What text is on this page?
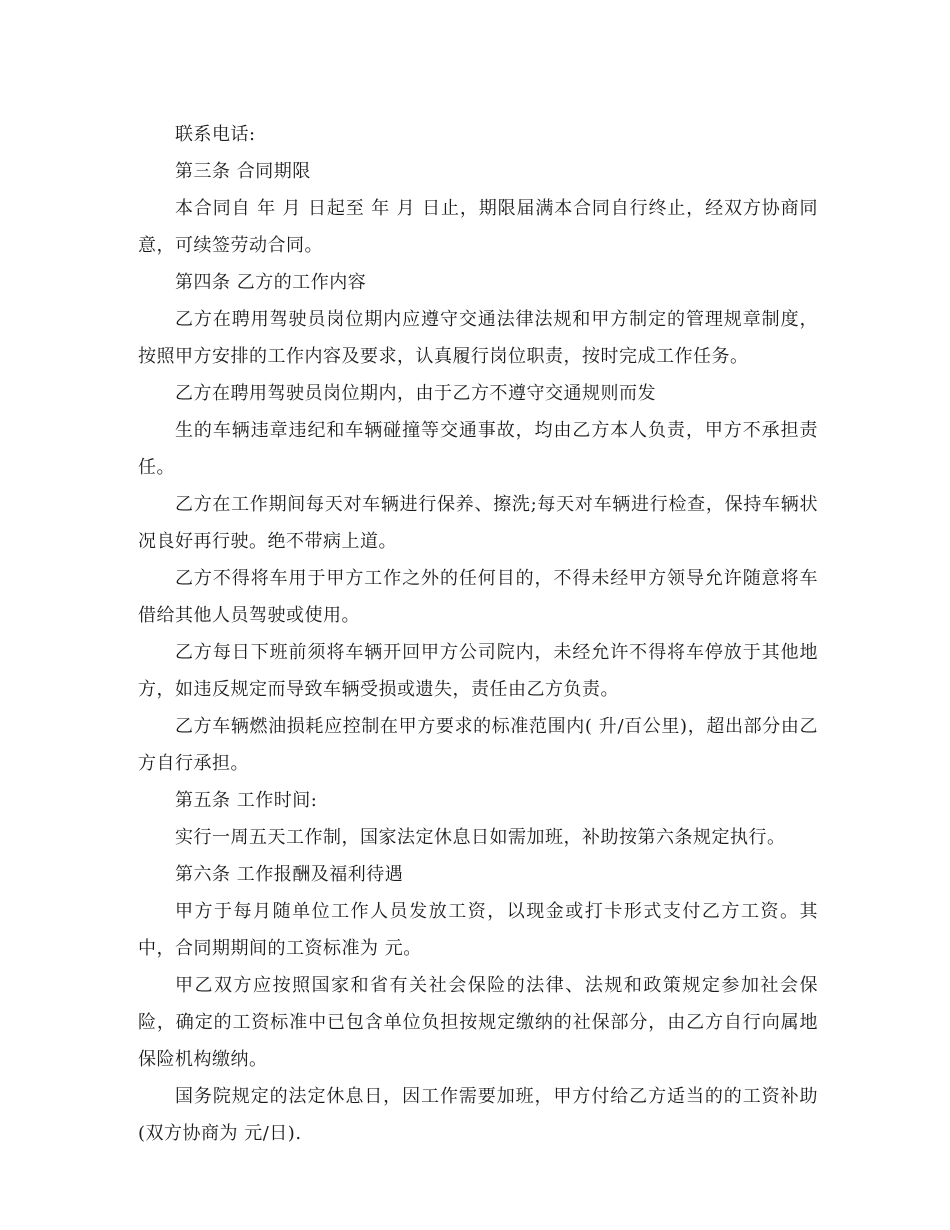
联系电话:

第三条 合同期限

本合同自 年 月 日起至 年 月 日止，期限届满本合同自行终止，经双方协商同意，可续签劳动合同。

第四条 乙方的工作内容

乙方在聘用驾驶员岗位期内应遵守交通法律法规和甲方制定的管理规章制度，按照甲方安排的工作内容及要求，认真履行岗位职责，按时完成工作任务。

乙方在聘用驾驶员岗位期内，由于乙方不遵守交通规则而发

生的车辆违章违纪和车辆碰撞等交通事故，均由乙方本人负责，甲方不承担责任。

乙方在工作期间每天对车辆进行保养、擦洗;每天对车辆进行检查，保持车辆状况良好再行驶。绝不带病上道。

乙方不得将车用于甲方工作之外的任何目的，不得未经甲方领导允许随意将车借给其他人员驾驶或使用。

乙方每日下班前须将车辆开回甲方公司院内，未经允许不得将车停放于其他地方，如违反规定而导致车辆受损或遗失，责任由乙方负责。

乙方车辆燃油损耗应控制在甲方要求的标准范围内( 升/百公里)，超出部分由乙方自行承担。

第五条 工作时间:

实行一周五天工作制，国家法定休息日如需加班，补助按第六条规定执行。

第六条 工作报酬及福利待遇

甲方于每月随单位工作人员发放工资，以现金或打卡形式支付乙方工资。其中，合同期期间的工资标准为 元。

甲乙双方应按照国家和省有关社会保险的法律、法规和政策规定参加社会保险，确定的工资标准中已包含单位负担按规定缴纳的社保部分，由乙方自行向属地保险机构缴纳。

国务院规定的法定休息日，因工作需要加班，甲方付给乙方适当的的工资补助(双方协商为 元/日).
